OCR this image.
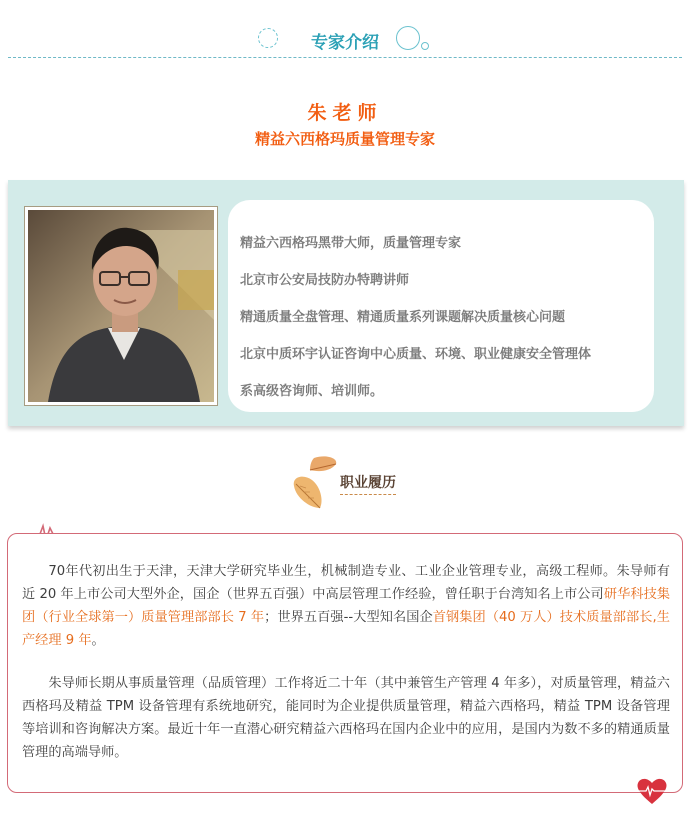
专家介绍
朱老师
精益六西格玛质量管理专家
精益六西格玛黑带大师，质量管理专家
北京市公安局技防办特聘讲师
精通质量全盘管理、精通质量系列课题解决质量核心问题
北京中质环宇认证咨询中心质量、环境、职业健康安全管理体
系高级咨询师、培训师。
职业履历
70年代初出生于天津，天津大学研究毕业生，机械制造专业、工业企业管理专业，高级工程师。朱导师有近 20 年上市公司大型外企，国企（世界五百强）中高层管理工作经验，曾任职于台湾知名上市公司研华科技集团（行业全球第一）质量管理部部长 7 年；世界五百强--大型知名国企首钢集团（40 万人）技术质量部部长,生产经理 9 年。
朱导师长期从事质量管理（品质管理）工作将近二十年（其中兼管生产管理 4 年多），对质量管理，精益六西格玛及精益 TPM 设备管理有系统地研究，能同时为企业提供质量管理，精益六西格玛，精益 TPM 设备管理等培训和咨询解决方案。最近十年一直潜心研究精益六西格玛在国内企业中的应用，是国内为数不多的精通质量管理的高端导师。
